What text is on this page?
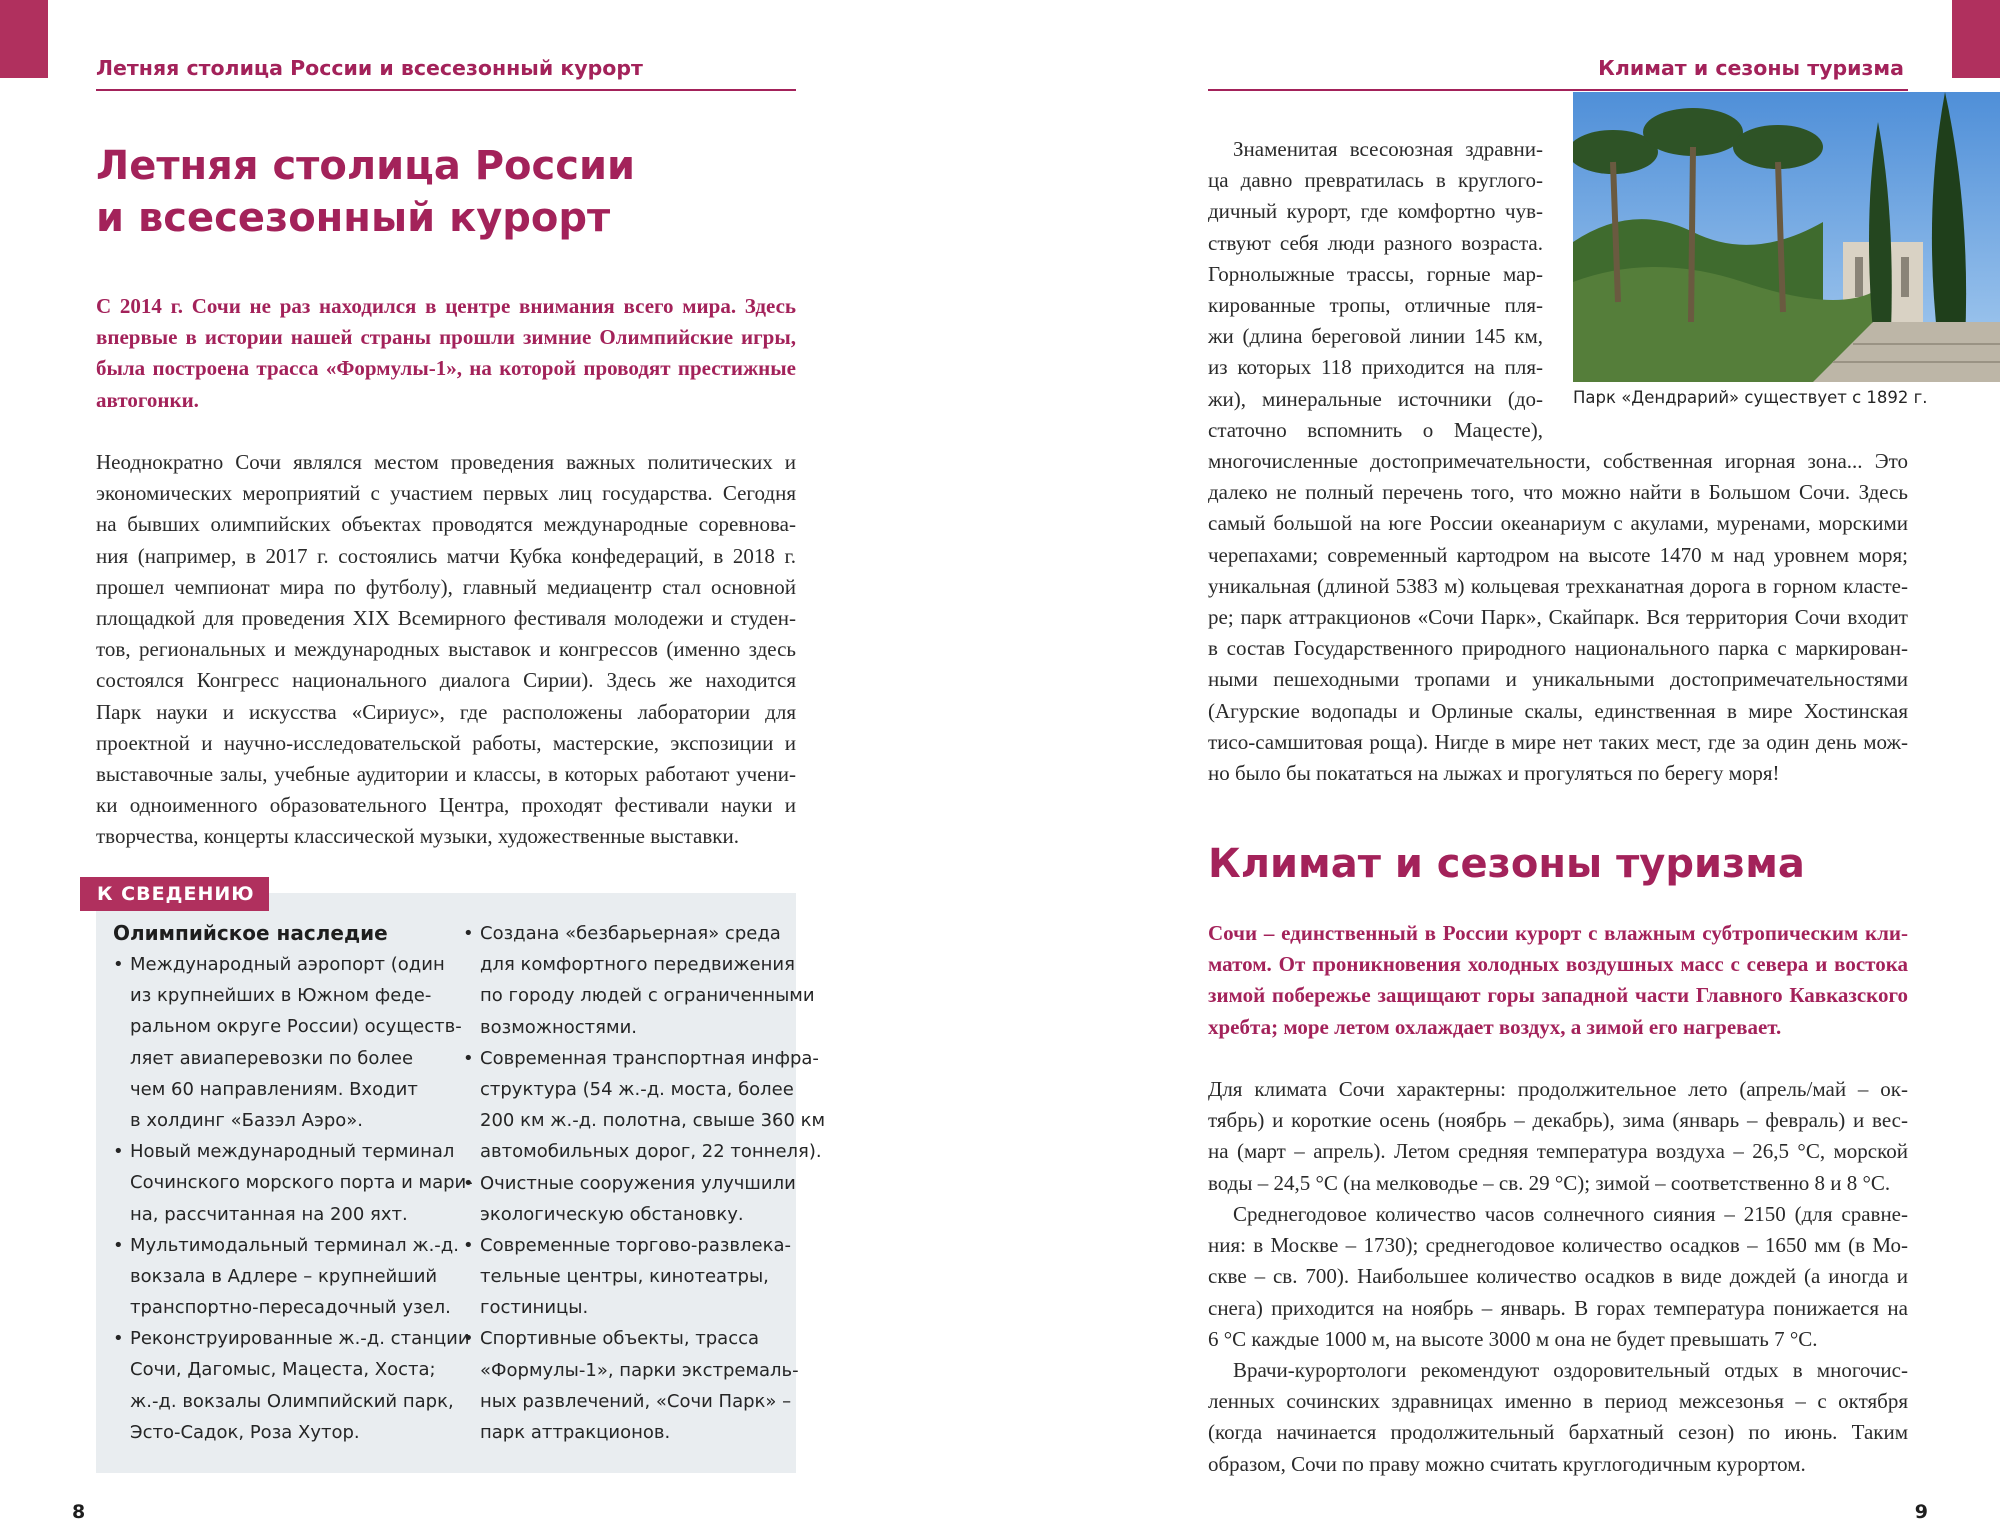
Летняя столица России и всесезонный курорт
Летняя столица России
и всесезонный курорт
С 2014 г. Сочи не раз находился в центре внимания всего мира. Здесь
впервые в истории нашей страны прошли зимние Олимпийские игры,
была построена трасса «Формулы-1», на которой проводят престижные
автогонки.
Неоднократно Сочи являлся местом проведения важных политических и
экономических мероприятий с участием первых лиц государства. Сегодня
на бывших олимпийских объектах проводятся международные соревнова-
ния (например, в 2017 г. состоялись матчи Кубка конфедераций, в 2018 г.
прошел чемпионат мира по футболу), главный медиацентр стал основной
площадкой для проведения XIX Всемирного фестиваля молодежи и студен-
тов, региональных и международных выставок и конгрессов (именно здесь
состоялся Конгресс национального диалога Сирии). Здесь же находится
Парк науки и искусства «Сириус», где расположены лаборатории для
проектной и научно-исследовательской работы, мастерские, экспозиции и
выставочные залы, учебные аудитории и классы, в которых работают учени-
ки одноименного образовательного Центра, проходят фестивали науки и
творчества, концерты классической музыки, художественные выставки.
К СВЕДЕНИЮ
Олимпийское наследие
• Международный аэропорт (один
из крупнейших в Южном феде-
ральном округе России) осуществ-
ляет авиаперевозки по более
чем 60 направлениям. Входит
в холдинг «Базэл Аэро».
• Новый международный терминал
Сочинского морского порта и мари-
на, рассчитанная на 200 яхт.
• Мультимодальный терминал ж.-д.
вокзала в Адлере – крупнейший
транспортно-пересадочный узел.
• Реконструированные ж.-д. станции
Сочи, Дагомыс, Мацеста, Хоста;
ж.-д. вокзалы Олимпийский парк,
Эсто-Садок, Роза Хутор.
• Создана «безбарьерная» среда
для комфортного передвижения
по городу людей с ограниченными
возможностями.
• Современная транспортная инфра-
структура (54 ж.-д. моста, более
200 км ж.-д. полотна, свыше 360 км
автомобильных дорог, 22 тоннеля).
• Очистные сооружения улучшили
экологическую обстановку.
• Современные торгово-развлека-
тельные центры, кинотеатры,
гостиницы.
• Спортивные объекты, трасса
«Формулы-1», парки экстремаль-
ных развлечений, «Сочи Парк» –
парк аттракционов.
8
Климат и сезоны туризма
Парк «Дендрарий» существует с 1892 г.
Знаменитая всесоюзная здравни-
ца давно превратилась в круглого-
дичный курорт, где комфортно чув-
ствуют себя люди разного возраста.
Горнолыжные трассы, горные мар-
кированные тропы, отличные пля-
жи (длина береговой линии 145 км,
из которых 118 приходится на пля-
жи), минеральные источники (до-
статочно вспомнить о Мацесте),
многочисленные достопримечательности, собственная игорная зона... Это
далеко не полный перечень того, что можно найти в Большом Сочи. Здесь
самый большой на юге России океанариум с акулами, муренами, морскими
черепахами; современный картодром на высоте 1470 м над уровнем моря;
уникальная (длиной 5383 м) кольцевая трехканатная дорога в горном класте-
ре; парк аттракционов «Сочи Парк», Скайпарк. Вся территория Сочи входит
в состав Государственного природного национального парка с маркирован-
ными пешеходными тропами и уникальными достопримечательностями
(Агурские водопады и Орлиные скалы, единственная в мире Хостинская
тисо-самшитовая роща). Нигде в мире нет таких мест, где за один день мож-
но было бы покататься на лыжах и прогуляться по берегу моря!
Климат и сезоны туризма
Сочи – единственный в России курорт с влажным субтропическим кли-
матом. От проникновения холодных воздушных масс с севера и востока
зимой побережье защищают горы западной части Главного Кавказского
хребта; море летом охлаждает воздух, а зимой его нагревает.
Для климата Сочи характерны: продолжительное лето (апрель/май – ок-
тябрь) и короткие осень (ноябрь – декабрь), зима (январь – февраль) и вес-
на (март – апрель). Летом средняя температура воздуха – 26,5 °С, морской
воды – 24,5 °С (на мелководье – св. 29 °С); зимой – соответственно 8 и 8 °С.
Среднегодовое количество часов солнечного сияния – 2150 (для сравне-
ния: в Москве – 1730); среднегодовое количество осадков – 1650 мм (в Мо-
скве – св. 700). Наибольшее количество осадков в виде дождей (а иногда и
снега) приходится на ноябрь – январь. В горах температура понижается на
6 °С каждые 1000 м, на высоте 3000 м она не будет превышать 7 °С.
Врачи-курортологи рекомендуют оздоровительный отдых в многочис-
ленных сочинских здравницах именно в период межсезонья – с октября
(когда начинается продолжительный бархатный сезон) по июнь. Таким
образом, Сочи по праву можно считать круглогодичным курортом.
9
